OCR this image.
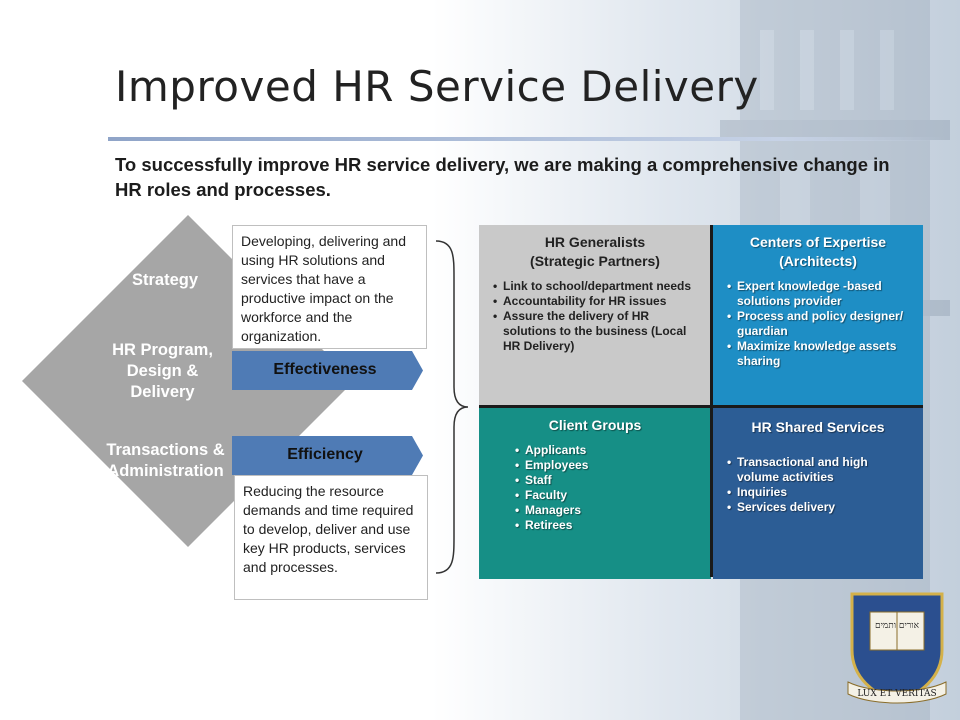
Improved HR Service Delivery

To successfully improve HR service delivery, we are making a comprehensive change in HR roles and processes.

Strategy
HR Program,
Design &
Delivery
Transactions &
Administration
Developing, delivering and using HR solutions and services that have a productive impact on the workforce and the organization.
Effectiveness
Efficiency
Reducing the resource demands and time required to develop, deliver and use key HR products, services and processes.
HR Generalists
(Strategic Partners)
• Link to school/department needs
• Accountability for HR issues
• Assure the delivery of HR solutions to the business (Local HR Delivery)
Centers of Expertise
(Architects)
• Expert knowledge -based solutions provider
• Process and policy designer/ guardian
• Maximize knowledge assets sharing
Client Groups
• Applicants
• Employees
• Staff
• Faculty
• Managers
• Retirees
HR Shared Services
• Transactional and high volume activities
• Inquiries
• Services delivery
אורים ותמים
LUX ET VERITAS
